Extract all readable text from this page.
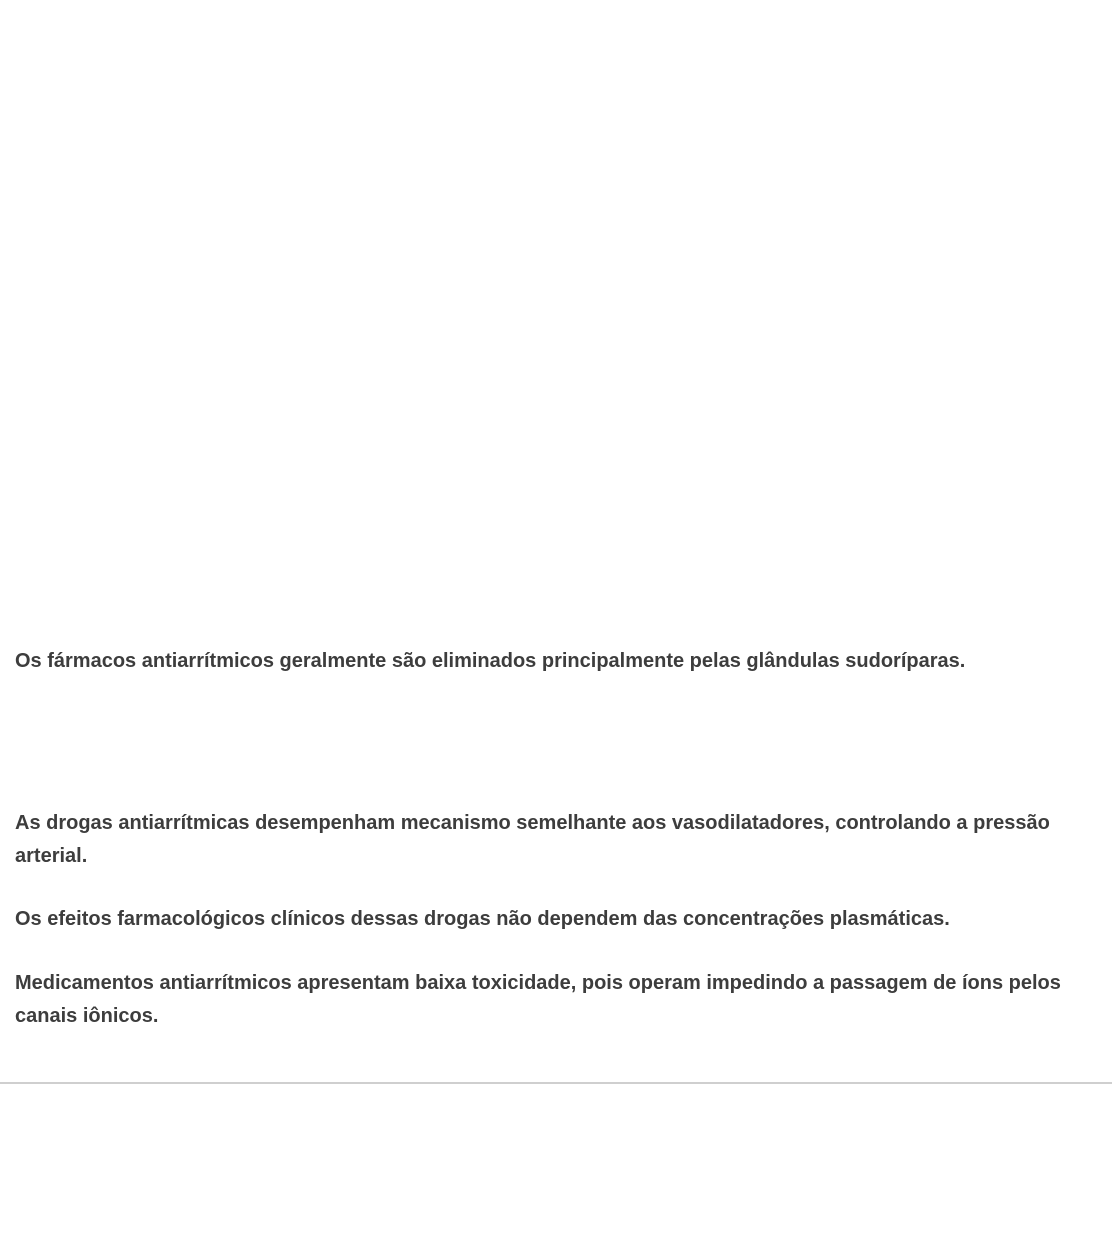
Os fármacos antiarrítmicos geralmente são eliminados principalmente pelas glândulas sudoríparas.

As drogas antiarrítmicas desempenham mecanismo semelhante aos vasodilatadores, controlando a pressão arterial.

Os efeitos farmacológicos clínicos dessas drogas não dependem das concentrações plasmáticas.

Medicamentos antiarrítmicos apresentam baixa toxicidade, pois operam impedindo a passagem de íons pelos canais iônicos.
